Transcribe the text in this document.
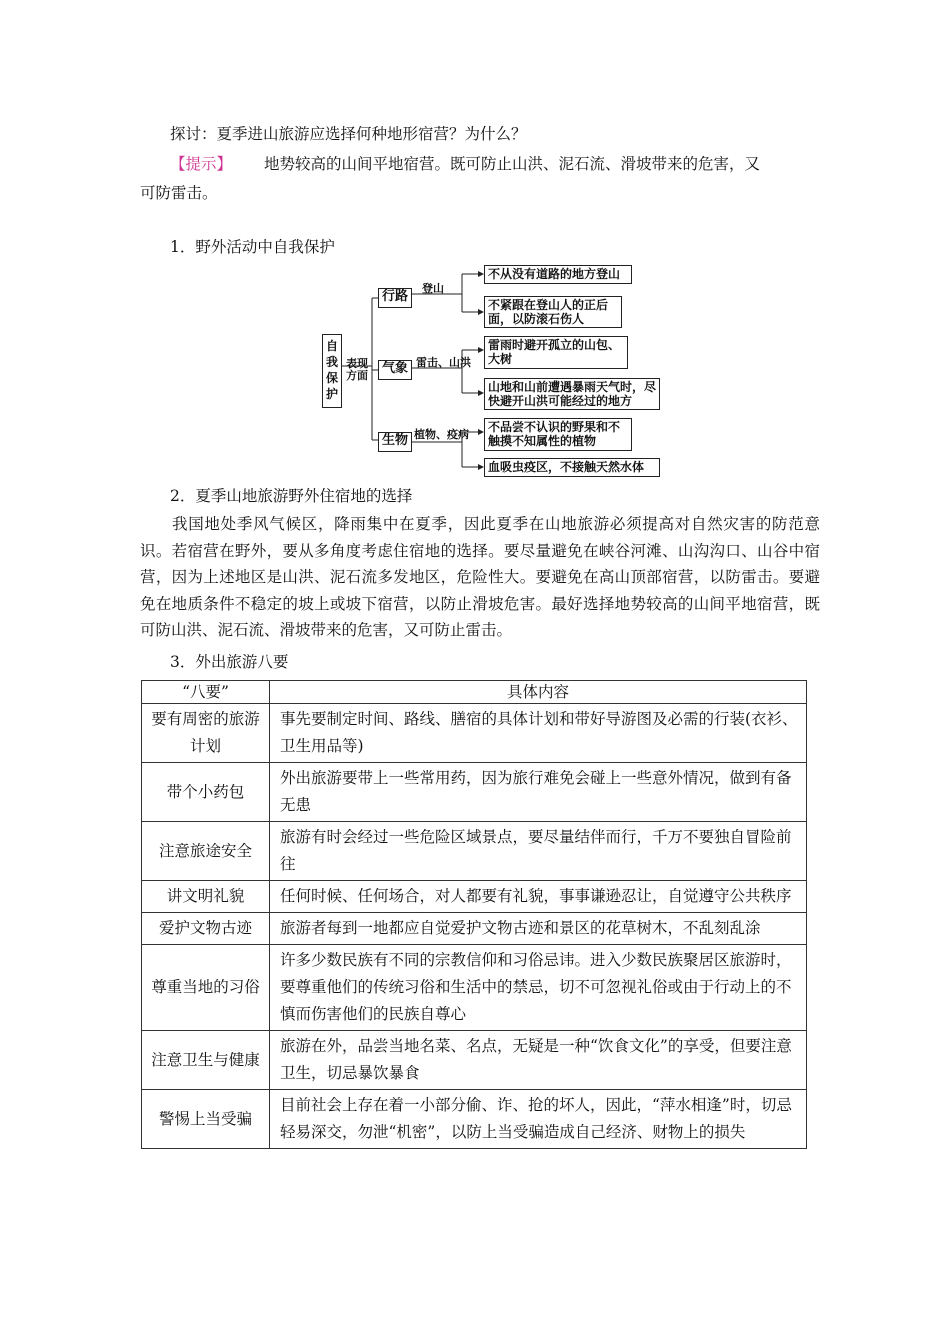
探讨：夏季进山旅游应选择何种地形宿营？为什么？
【提示】 地势较高的山间平地宿营。既可防止山洪、泥石流、滑坡带来的危害，又
可防雷击。
1．野外活动中自我保护
自我保护
表现方面
行路
登山
不从没有道路的地方登山
不紧跟在登山人的正后面，以防滚石伤人
气象 雷击、山洪
雷雨时避开孤立的山包、大树
山地和山前遭遇暴雨天气时，尽快避开山洪可能经过的地方
生物 植物、疫病
不品尝不认识的野果和不触摸不知属性的植物
血吸虫疫区，不接触天然水体
2．夏季山地旅游野外住宿地的选择
我国地处季风气候区，降雨集中在夏季，因此夏季在山地旅游必须提高对自然灾害的防范意识。若宿营在野外，要从多角度考虑住宿地的选择。要尽量避免在峡谷河滩、山沟沟口、山谷中宿营，因为上述地区是山洪、泥石流多发地区，危险性大。要避免在高山顶部宿营，以防雷击。要避免在地质条件不稳定的坡上或坡下宿营，以防止滑坡危害。最好选择地势较高的山间平地宿营，既可防山洪、泥石流、滑坡带来的危害，又可防止雷击。
3．外出旅游八要
“八要”	具体内容
要有周密的旅游计划	事先要制定时间、路线、膳宿的具体计划和带好导游图及必需的行装(衣衫、卫生用品等)
带个小药包	外出旅游要带上一些常用药，因为旅行难免会碰上一些意外情况，做到有备无患
注意旅途安全	旅游有时会经过一些危险区域景点，要尽量结伴而行，千万不要独自冒险前往
讲文明礼貌	任何时候、任何场合，对人都要有礼貌，事事谦逊忍让，自觉遵守公共秩序
爱护文物古迹	旅游者每到一地都应自觉爱护文物古迹和景区的花草树木，不乱刻乱涂
尊重当地的习俗	许多少数民族有不同的宗教信仰和习俗忌讳。进入少数民族聚居区旅游时，要尊重他们的传统习俗和生活中的禁忌，切不可忽视礼俗或由于行动上的不慎而伤害他们的民族自尊心
注意卫生与健康	旅游在外，品尝当地名菜、名点，无疑是一种“饮食文化”的享受，但要注意卫生，切忌暴饮暴食
警惕上当受骗	目前社会上存在着一小部分偷、诈、抢的坏人，因此，“萍水相逢”时，切忌轻易深交，勿泄“机密”，以防上当受骗造成自己经济、财物上的损失
